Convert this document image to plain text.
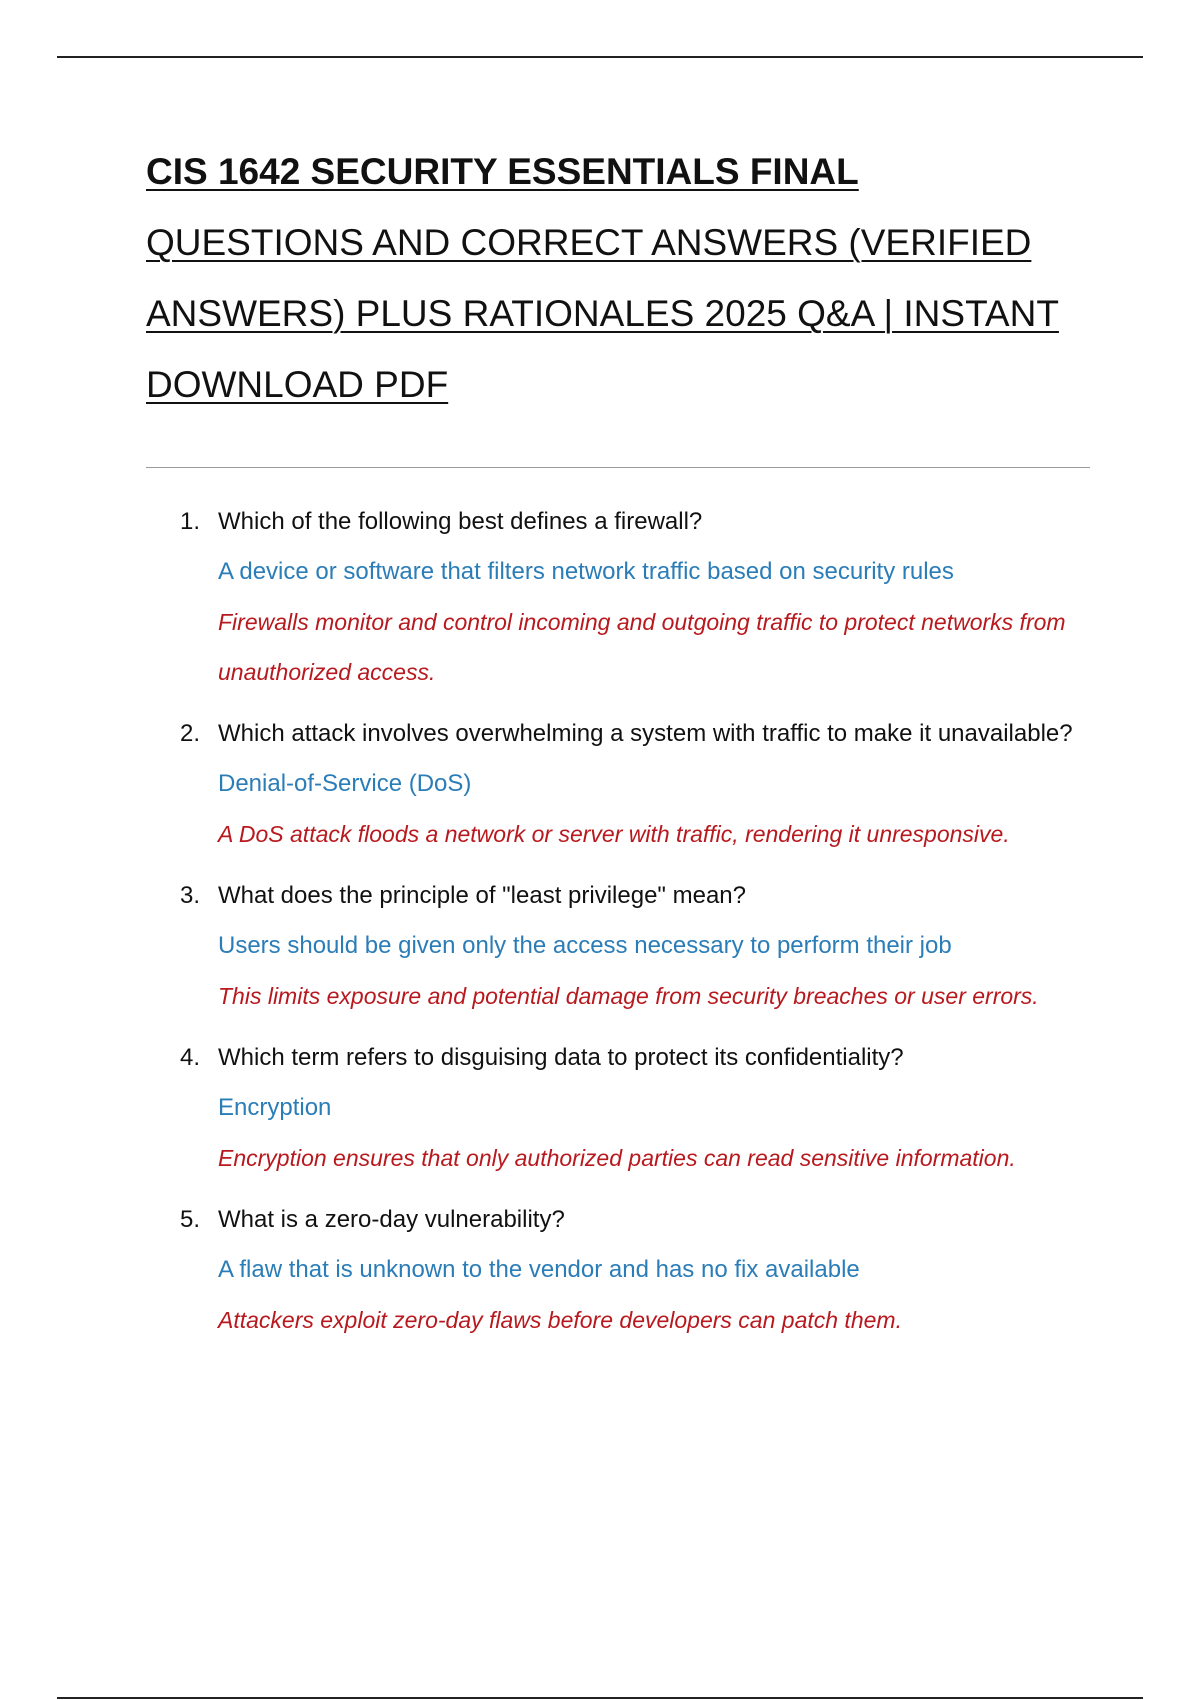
CIS 1642 SECURITY ESSENTIALS FINAL
QUESTIONS AND CORRECT ANSWERS (VERIFIED
ANSWERS) PLUS RATIONALES 2025 Q&A | INSTANT
DOWNLOAD PDF
1. Which of the following best defines a firewall?
A device or software that filters network traffic based on security rules
Firewalls monitor and control incoming and outgoing traffic to protect networks from unauthorized access.
2. Which attack involves overwhelming a system with traffic to make it unavailable?
Denial-of-Service (DoS)
A DoS attack floods a network or server with traffic, rendering it unresponsive.
3. What does the principle of "least privilege" mean?
Users should be given only the access necessary to perform their job
This limits exposure and potential damage from security breaches or user errors.
4. Which term refers to disguising data to protect its confidentiality?
Encryption
Encryption ensures that only authorized parties can read sensitive information.
5. What is a zero-day vulnerability?
A flaw that is unknown to the vendor and has no fix available
Attackers exploit zero-day flaws before developers can patch them.
